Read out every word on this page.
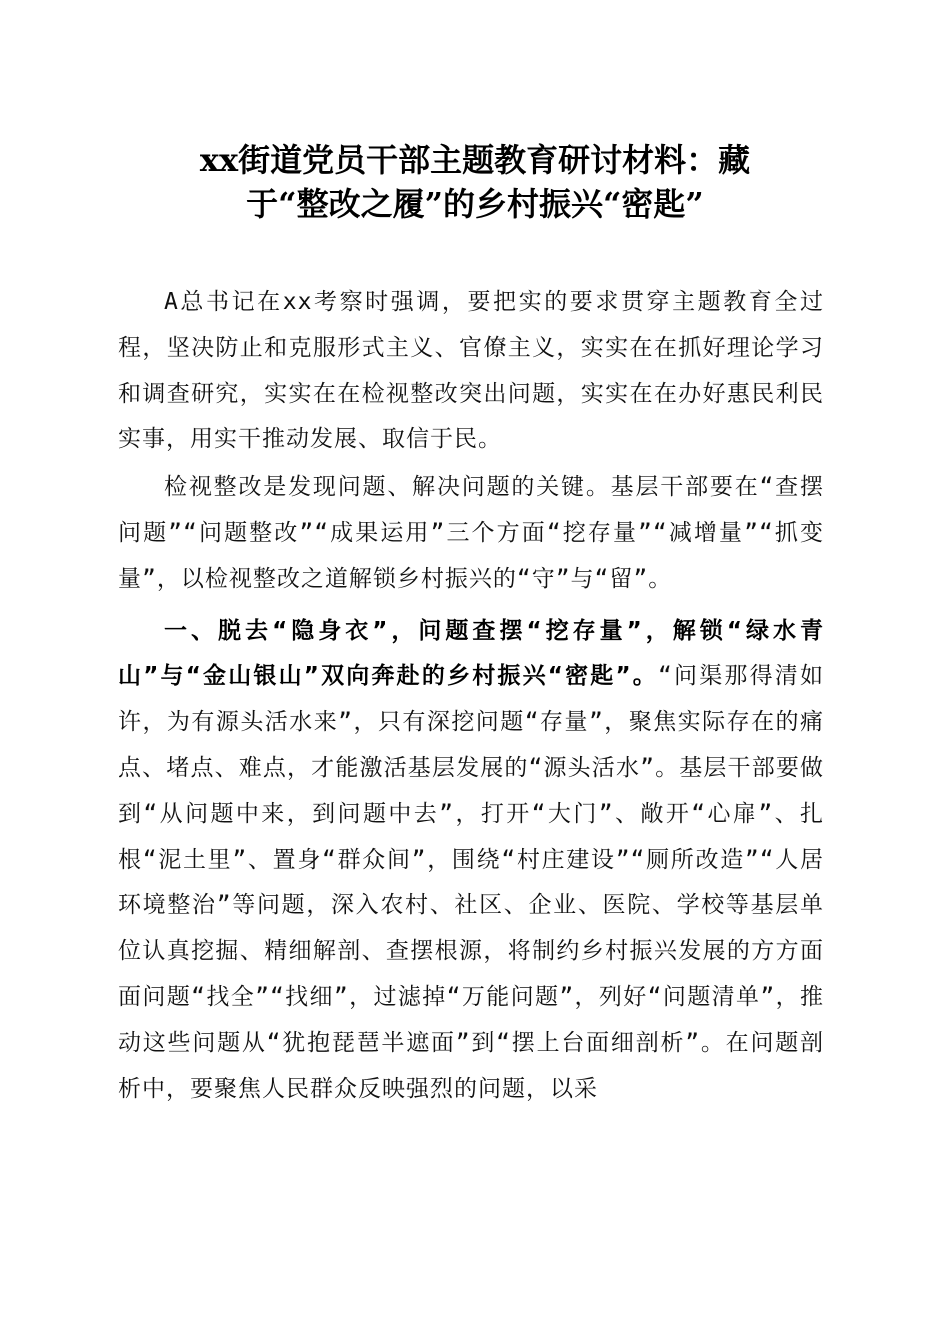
xx街道党员干部主题教育研讨材料：藏
于“整改之履”的乡村振兴“密匙”

A总书记在xx考察时强调，要把实的要求贯穿主题教育全过程，坚决防止和克服形式主义、官僚主义，实实在在抓好理论学习和调查研究，实实在在检视整改突出问题，实实在在办好惠民利民实事，用实干推动发展、取信于民。

检视整改是发现问题、解决问题的关键。基层干部要在“查摆问题”“问题整改”“成果运用”三个方面“挖存量”“减增量”“抓变量”，以检视整改之道解锁乡村振兴的“守”与“留”。

一、脱去“隐身衣”，问题查摆“挖存量”，解锁“绿水青山”与“金山银山”双向奔赴的乡村振兴“密匙”。“问渠那得清如许，为有源头活水来”，只有深挖问题“存量”，聚焦实际存在的痛点、堵点、难点，才能激活基层发展的“源头活水”。基层干部要做到“从问题中来，到问题中去”，打开“大门”、敞开“心扉”、扎根“泥土里”、置身“群众间”，围绕“村庄建设”“厕所改造”“人居环境整治”等问题，深入农村、社区、企业、医院、学校等基层单位认真挖掘、精细解剖、查摆根源，将制约乡村振兴发展的方方面面问题“找全”“找细”，过滤掉“万能问题”，列好“问题清单”，推动这些问题从“犹抱琵琶半遮面”到“摆上台面细剖析”。在问题剖析中，要聚焦人民群众反映强烈的问题，以采
